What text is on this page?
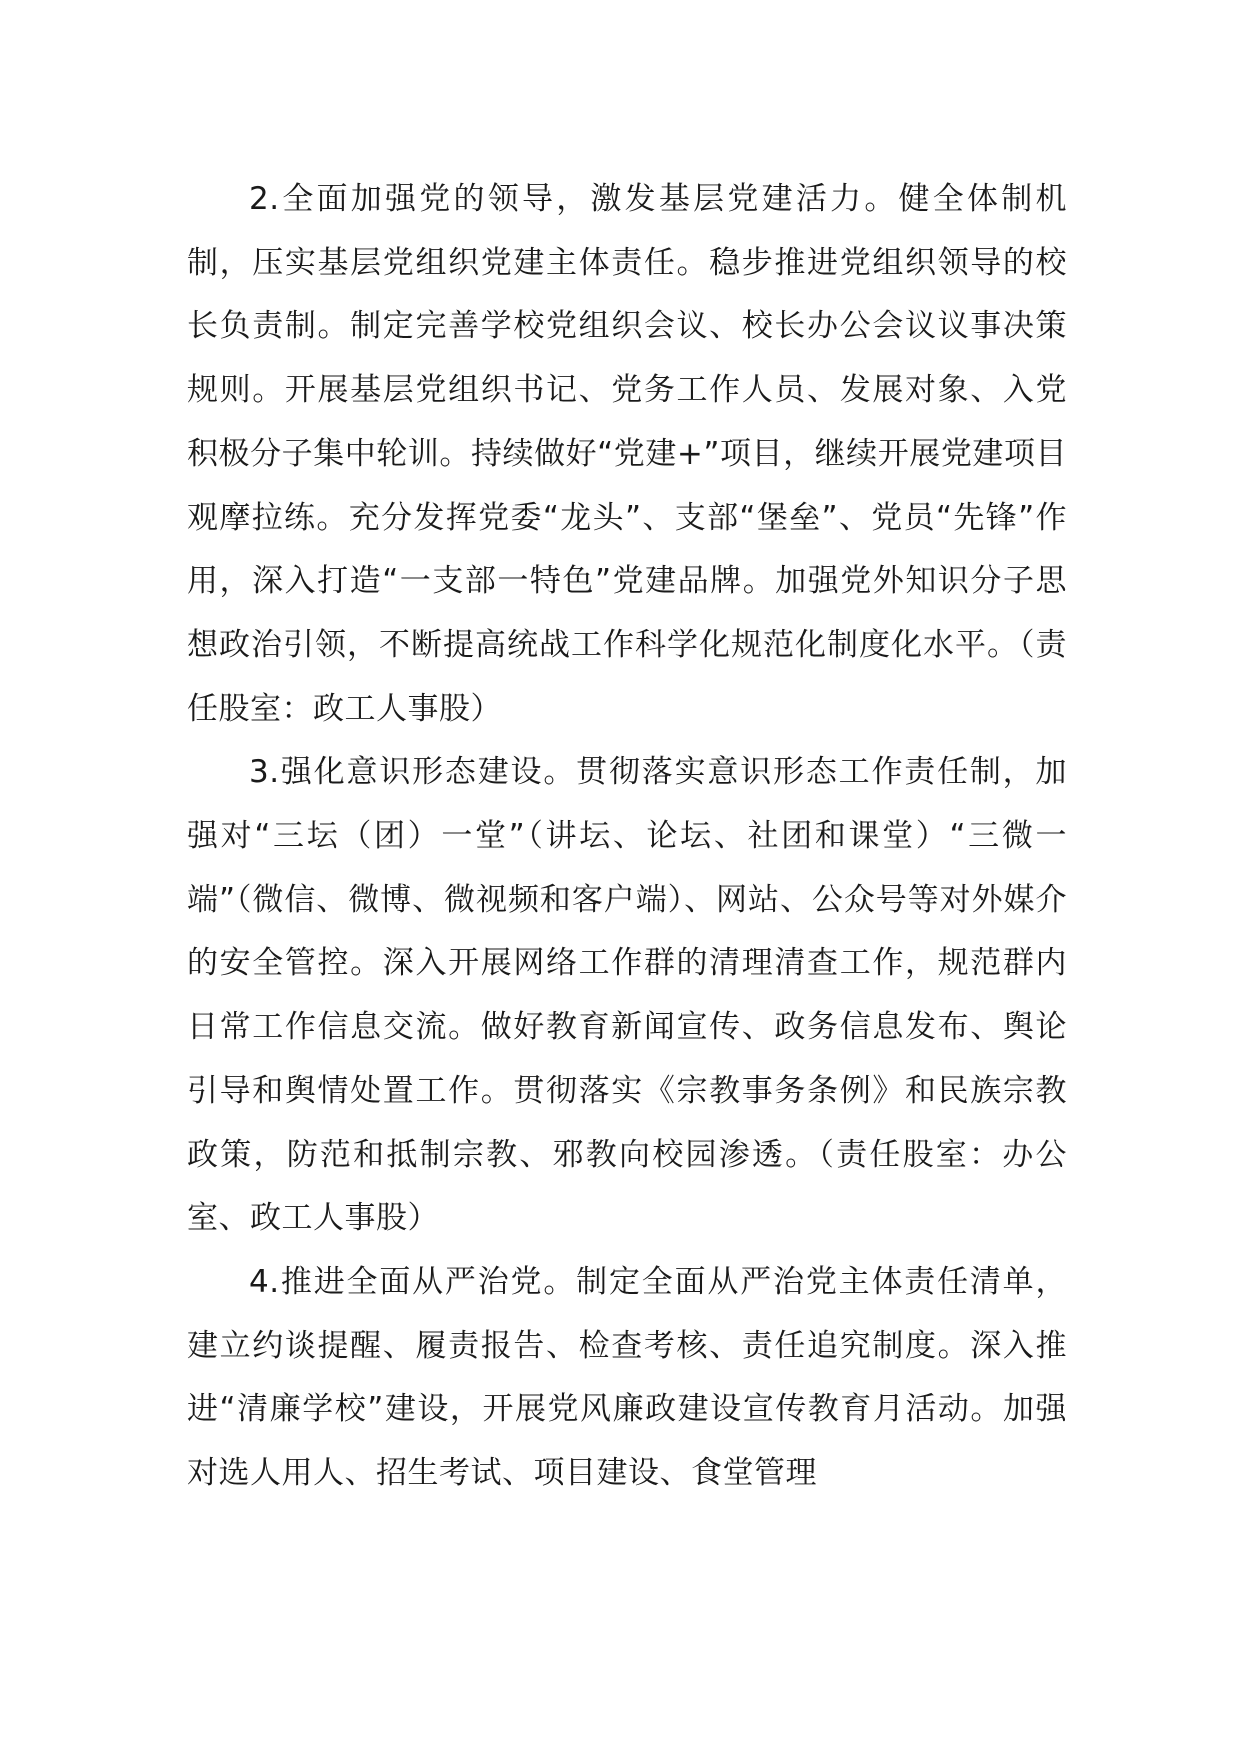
2.全面加强党的领导，激发基层党建活力。健全体制机制，压实基层党组织党建主体责任。稳步推进党组织领导的校长负责制。制定完善学校党组织会议、校长办公会议议事决策规则。开展基层党组织书记、党务工作人员、发展对象、入党积极分子集中轮训。持续做好“党建+”项目，继续开展党建项目观摩拉练。充分发挥党委“龙头”、支部“堡垒”、党员“先锋”作用，深入打造“一支部一特色”党建品牌。加强党外知识分子思想政治引领，不断提高统战工作科学化规范化制度化水平。（责任股室：政工人事股）

3.强化意识形态建设。贯彻落实意识形态工作责任制，加强对“三坛（团）一堂”（讲坛、论坛、社团和课堂）“三微一端”（微信、微博、微视频和客户端）、网站、公众号等对外媒介的安全管控。深入开展网络工作群的清理清查工作，规范群内日常工作信息交流。做好教育新闻宣传、政务信息发布、舆论引导和舆情处置工作。贯彻落实《宗教事务条例》和民族宗教政策，防范和抵制宗教、邪教向校园渗透。（责任股室：办公室、政工人事股）

4.推进全面从严治党。制定全面从严治党主体责任清单，建立约谈提醒、履责报告、检查考核、责任追究制度。深入推进“清廉学校”建设，开展党风廉政建设宣传教育月活动。加强对选人用人、招生考试、项目建设、食堂管理
